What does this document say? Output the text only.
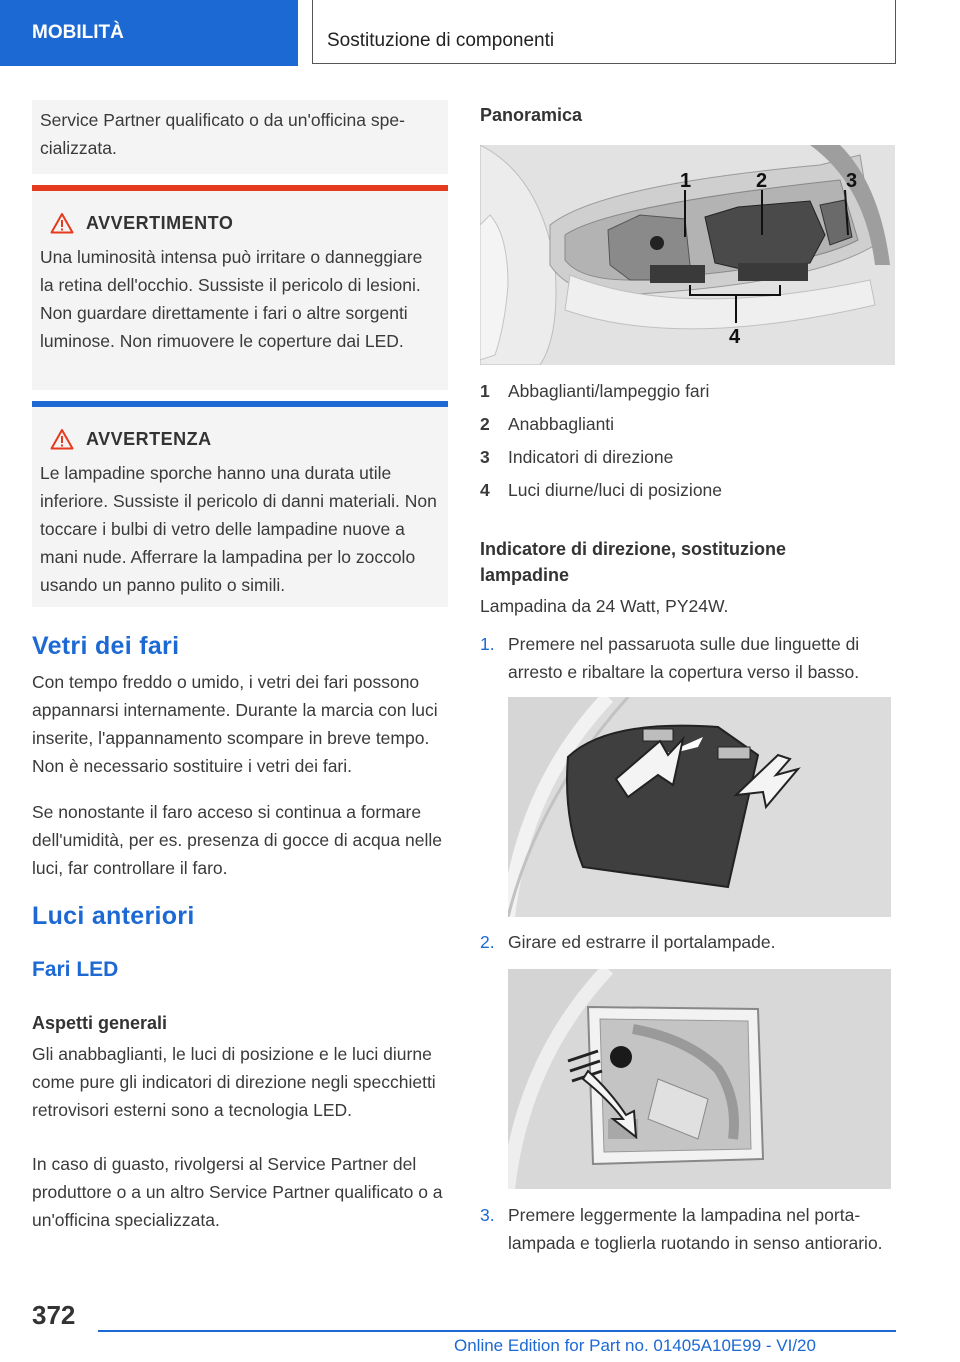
MOBILITÀ	Sostituzione di componenti
Service Partner qualificato o da un'officina specializzata.
AVVERTIMENTO
Una luminosità intensa può irritare o danneggiare la retina dell'occhio. Sussiste il pericolo di lesioni. Non guardare direttamente i fari o altre sorgenti luminose. Non rimuovere le coperture dai LED.
AVVERTENZA
Le lampadine sporche hanno una durata utile inferiore. Sussiste il pericolo di danni materiali. Non toccare i bulbi di vetro delle lampadine nuove a mani nude. Afferrare la lampadina per lo zoccolo usando un panno pulito o simili.
Vetri dei fari
Con tempo freddo o umido, i vetri dei fari possono appannarsi internamente. Durante la marcia con luci inserite, l'appannamento scompare in breve tempo. Non è necessario sostituire i vetri dei fari.
Se nonostante il faro acceso si continua a formare dell'umidità, per es. presenza di gocce di acqua nelle luci, far controllare il faro.
Luci anteriori
Fari LED
Aspetti generali
Gli anabbaglianti, le luci di posizione e le luci diurne come pure gli indicatori di direzione negli specchietti retrovisori esterni sono a tecnologia LED.
In caso di guasto, rivolgersi al Service Partner del produttore o a un altro Service Partner qualificato o a un'officina specializzata.
Panoramica
1	2	3
4
1	Abbaglianti/lampeggio fari
2	Anabbaglianti
3	Indicatori di direzione
4	Luci diurne/luci di posizione
Indicatore di direzione, sostituzione lampadine
Lampadina da 24 Watt, PY24W.
1. Premere nel passaruota sulle due linguette di arresto e ribaltare la copertura verso il basso.
2. Girare ed estrarre il portalampade.
3. Premere leggermente la lampadina nel portalampada e toglierla ruotando in senso antiorario.
372
Online Edition for Part no. 01405A10E99 - VI/20
